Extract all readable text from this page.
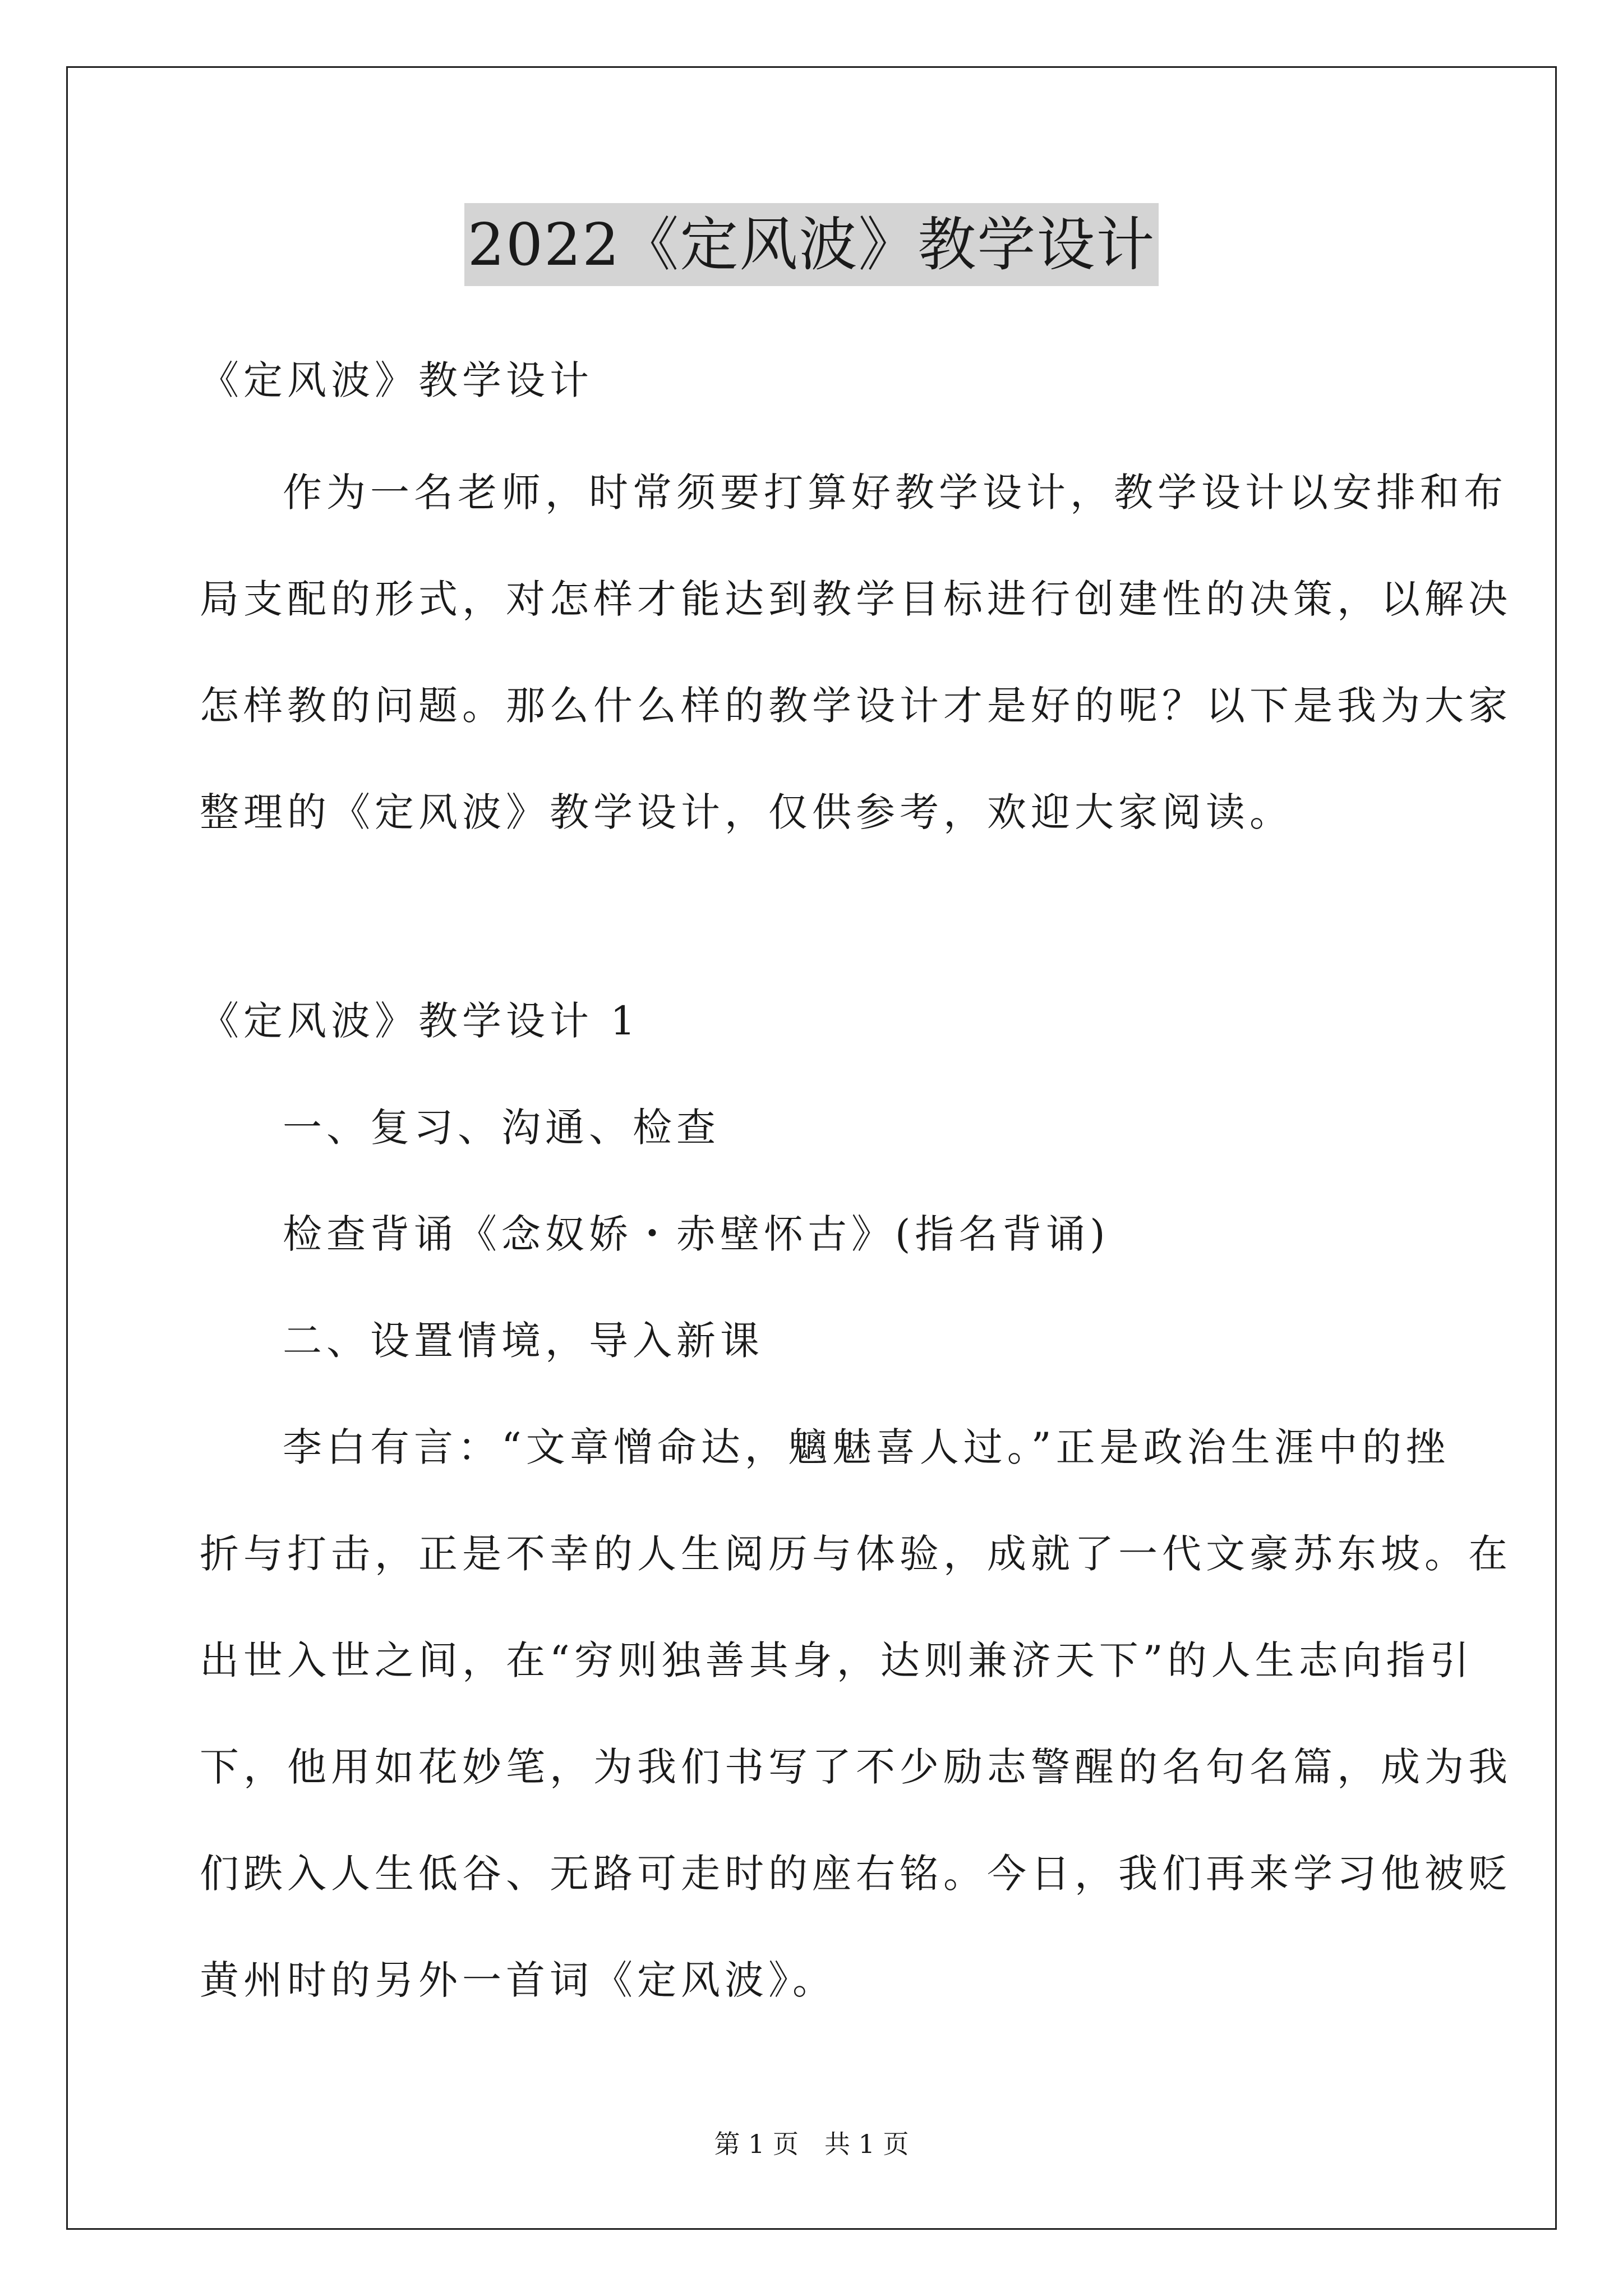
2022《定风波》教学设计
《定风波》教学设计
作为一名老师，时常须要打算好教学设计，教学设计以安排和布
局支配的形式，对怎样才能达到教学目标进行创建性的决策，以解决
怎样教的问题。那么什么样的教学设计才是好的呢？以下是我为大家
整理的《定风波》教学设计，仅供参考，欢迎大家阅读。
《定风波》教学设计 1
一、复习、沟通、检查
检查背诵《念奴娇・赤壁怀古》(指名背诵)
二、设置情境，导入新课
李白有言：“文章憎命达，魑魅喜人过。”正是政治生涯中的挫
折与打击，正是不幸的人生阅历与体验，成就了一代文豪苏东坡。在
出世入世之间，在“穷则独善其身，达则兼济天下”的人生志向指引
下，他用如花妙笔，为我们书写了不少励志警醒的名句名篇，成为我
们跌入人生低谷、无路可走时的座右铭。今日，我们再来学习他被贬
黄州时的另外一首词《定风波》。
第 1 页　共 1 页
